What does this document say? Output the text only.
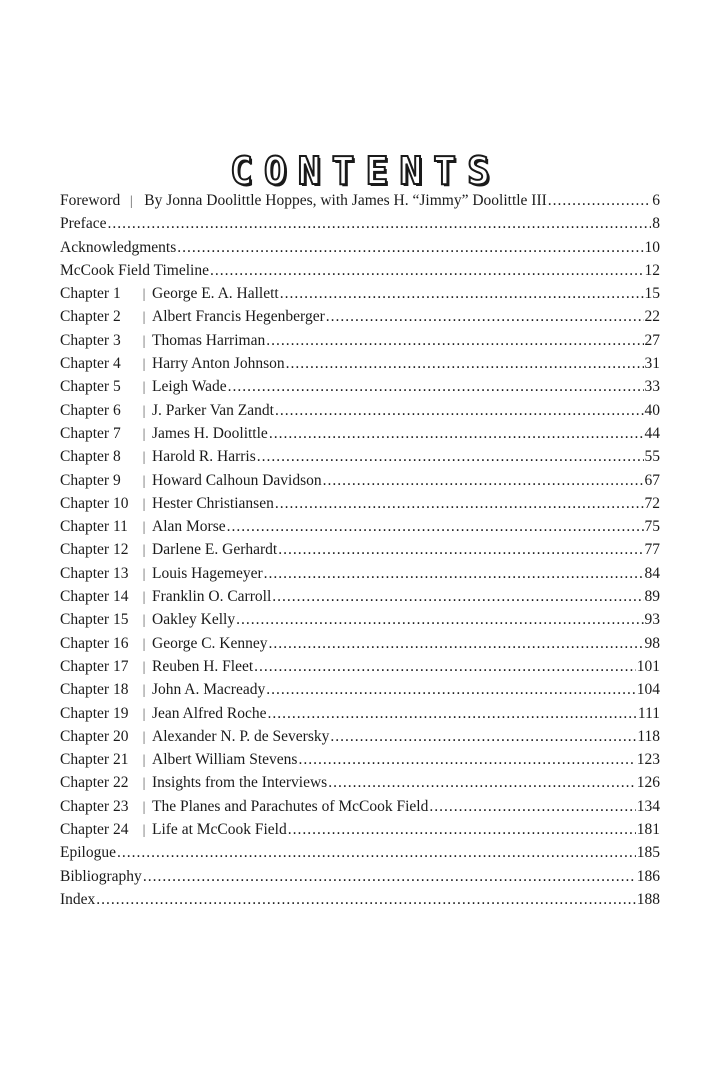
CONTENTS
Foreword | By Jonna Doolittle Hoppes, with James H. “Jimmy” Doolittle III .....	6
Preface .....	8
Acknowledgments .....	10
McCook Field Timeline .....	12
Chapter 1	| George E. A. Hallett .....	15
Chapter 2	| Albert Francis Hegenberger .....	22
Chapter 3	| Thomas Harriman .....	27
Chapter 4	| Harry Anton Johnson .....	31
Chapter 5	| Leigh Wade .....	33
Chapter 6	| J. Parker Van Zandt .....	40
Chapter 7	| James H. Doolittle .....	44
Chapter 8	| Harold R. Harris .....	55
Chapter 9	| Howard Calhoun Davidson .....	67
Chapter 10	| Hester Christiansen .....	72
Chapter 11	| Alan Morse .....	75
Chapter 12	| Darlene E. Gerhardt .....	77
Chapter 13	| Louis Hagemeyer .....	84
Chapter 14	| Franklin O. Carroll .....	89
Chapter 15	| Oakley Kelly .....	93
Chapter 16	| George C. Kenney .....	98
Chapter 17	| Reuben H. Fleet .....	101
Chapter 18	| John A. Macready .....	104
Chapter 19	| Jean Alfred Roche .....	111
Chapter 20	| Alexander N. P. de Seversky .....	118
Chapter 21	| Albert William Stevens .....	123
Chapter 22	| Insights from the Interviews .....	126
Chapter 23	| The Planes and Parachutes of McCook Field .....	134
Chapter 24	| Life at McCook Field .....	181
Epilogue .....	185
Bibliography .....	186
Index .....	188
